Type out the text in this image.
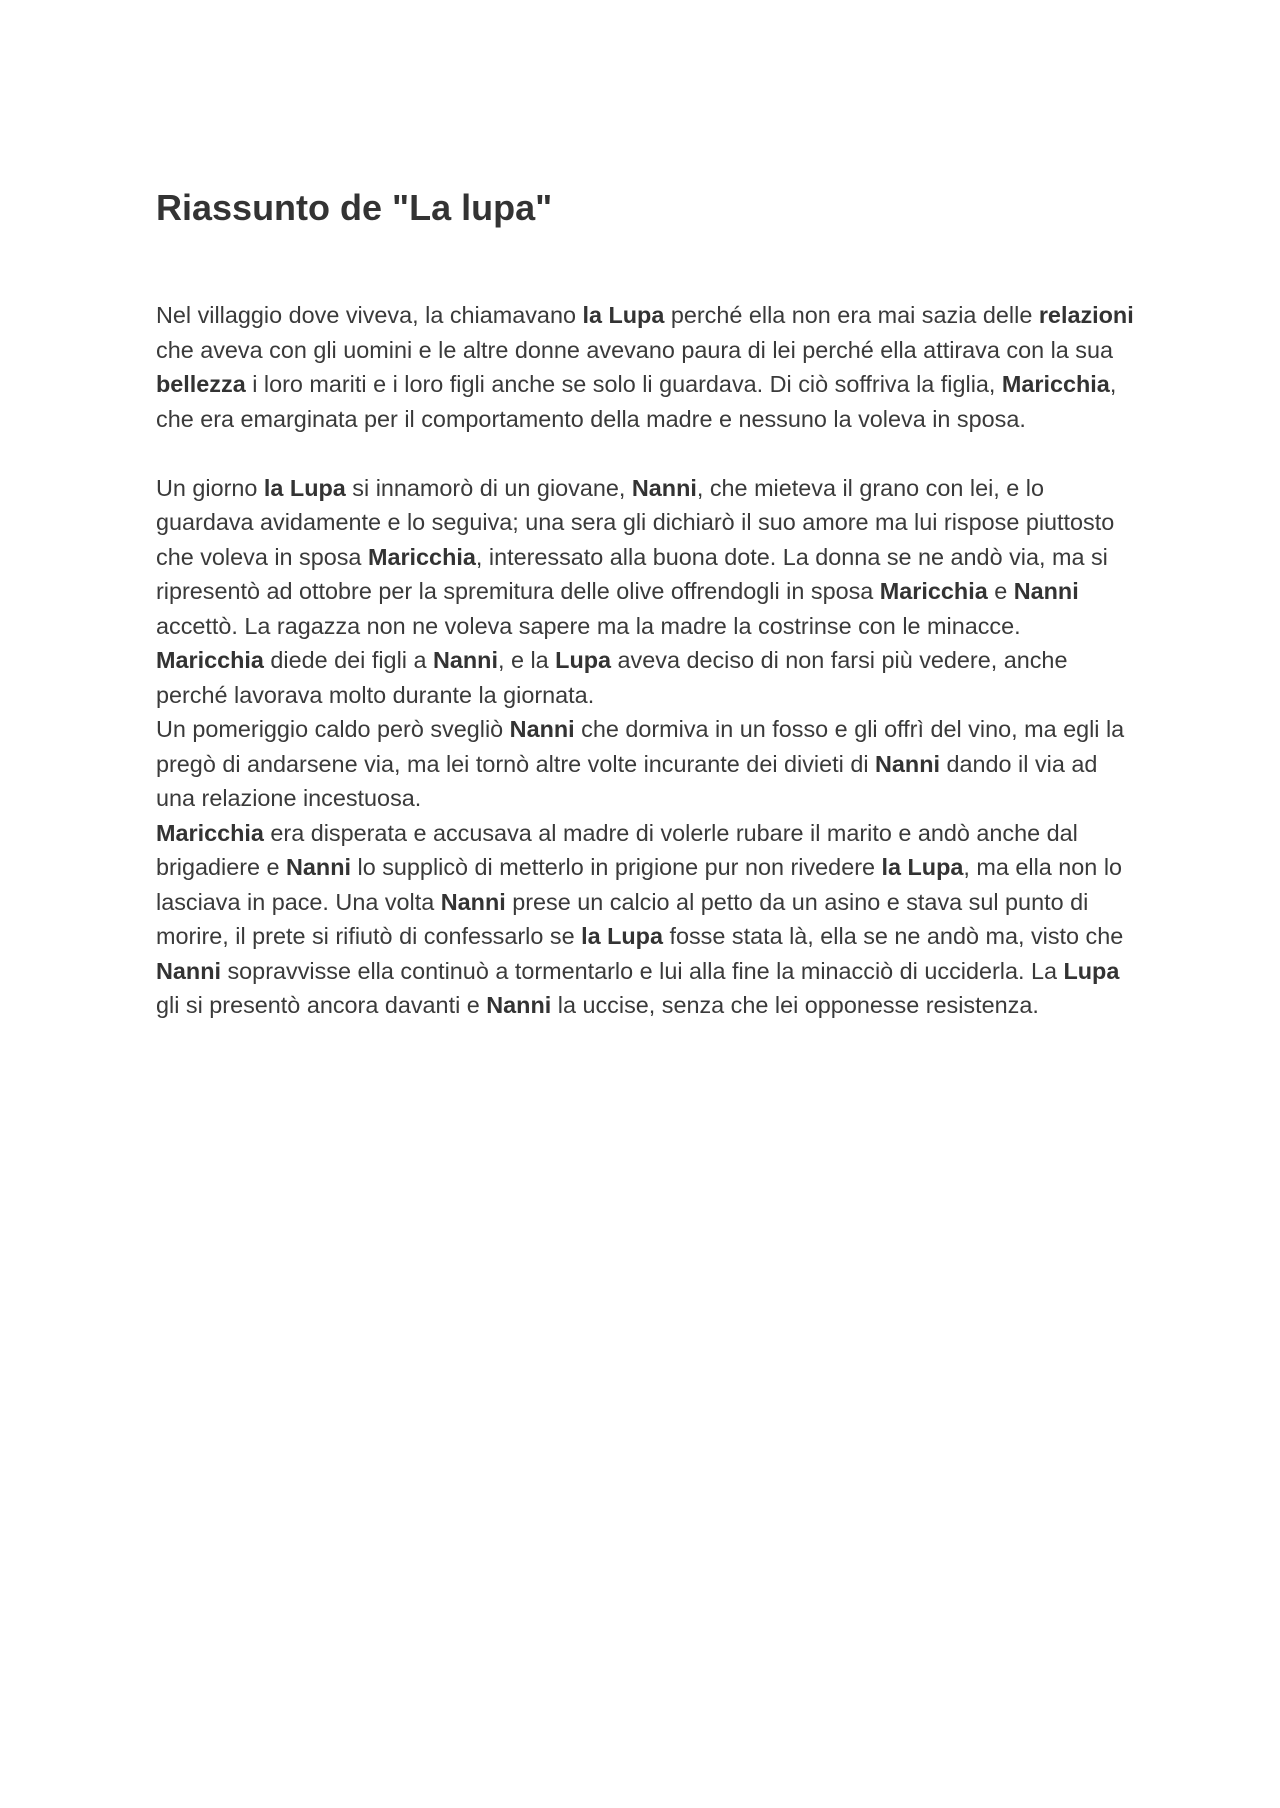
Riassunto de "La lupa"

Nel villaggio dove viveva, la chiamavano la Lupa perché ella non era mai sazia delle relazioni che aveva con gli uomini e le altre donne avevano paura di lei perché ella attirava con la sua bellezza i loro mariti e i loro figli anche se solo li guardava. Di ciò soffriva la figlia, Maricchia, che era emarginata per il comportamento della madre e nessuno la voleva in sposa.

Un giorno la Lupa si innamorò di un giovane, Nanni, che mieteva il grano con lei, e lo guardava avidamente e lo seguiva; una sera gli dichiarò il suo amore ma lui rispose piuttosto che voleva in sposa Maricchia, interessato alla buona dote. La donna se ne andò via, ma si ripresentò ad ottobre per la spremitura delle olive offrendogli in sposa Maricchia e Nanni accettò. La ragazza non ne voleva sapere ma la madre la costrinse con le minacce.

Maricchia diede dei figli a Nanni, e la Lupa aveva deciso di non farsi più vedere, anche perché lavorava molto durante la giornata.

Un pomeriggio caldo però svegliò Nanni che dormiva in un fosso e gli offrì del vino, ma egli la pregò di andarsene via, ma lei tornò altre volte incurante dei divieti di Nanni dando il via ad una relazione incestuosa.

Maricchia era disperata e accusava al madre di volerle rubare il marito e andò anche dal brigadiere e Nanni lo supplicò di metterlo in prigione pur non rivedere la Lupa, ma ella non lo lasciava in pace. Una volta Nanni prese un calcio al petto da un asino e stava sul punto di morire, il prete si rifiutò di confessarlo se la Lupa fosse stata là, ella se ne andò ma, visto che Nanni sopravvisse ella continuò a tormentarlo e lui alla fine la minacciò di ucciderla. La Lupa gli si presentò ancora davanti e Nanni la uccise, senza che lei opponesse resistenza.
